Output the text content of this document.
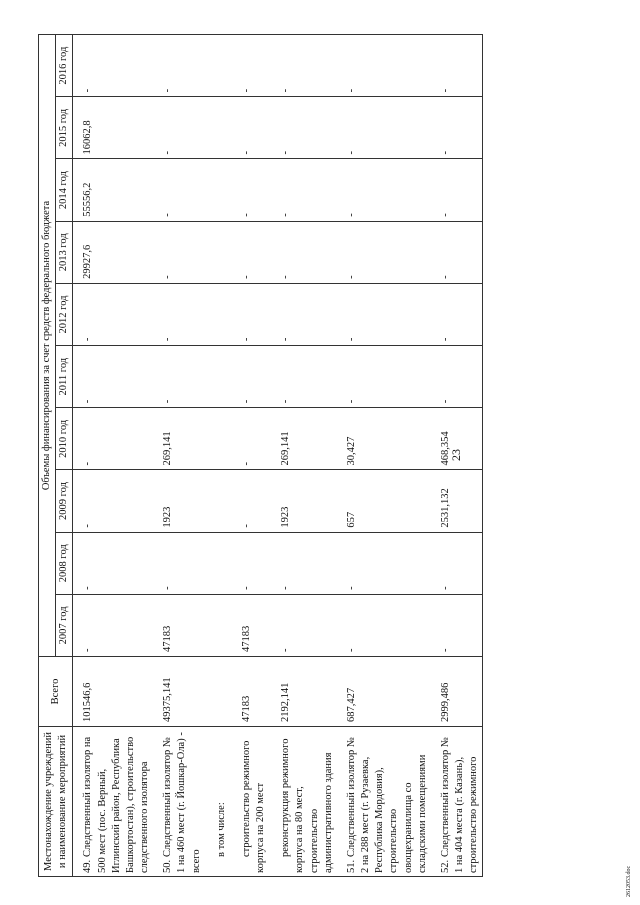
23
Местонахождение учреждений и наименование мероприятий	Всего	Объемы финансирования за счет средств федерального бюджета									
		2007 год	2008 год	2009 год	2010 год	2011 год	2012 год	2013 год	2014 год	2015 год	2016 год
49.Следственный изолятор на 500 мест (пос. Верный, Иглинский район, Республика Башкортостан), строительство следственного изолятора	101546,6	-	-	-	-	-	-	29927,6	55556,2	16062,8	-
50.Следственный изолятор № 1 на 460 мест (г. Йошкар-Ола) - всего	49375,141	47183	-	1923	269,141	-	-	-	-	-	-
в том числе:											
строительство режимного корпуса на 200 мест	47183	47183	-	-	-	-	-	-	-	-	-
реконструкция режимного корпуса на 80 мест, строительство административного здания	2192,141	-	-	1923	269,141	-	-	-	-	-	-
51.Следственный изолятор № 2 на 288 мест (г. Рузаевка, Республика Мордовия), строительство овощехранилища со складскими помещениями	687,427	-	-	657	30,427	-	-	-	-	-	-
52.Следственный изолятор № 1 на 404 места (г. Казань), строительство режимного	2999,486	-	-	2531,132	468,354	-	-	-	-	-	-
2612053.doc
